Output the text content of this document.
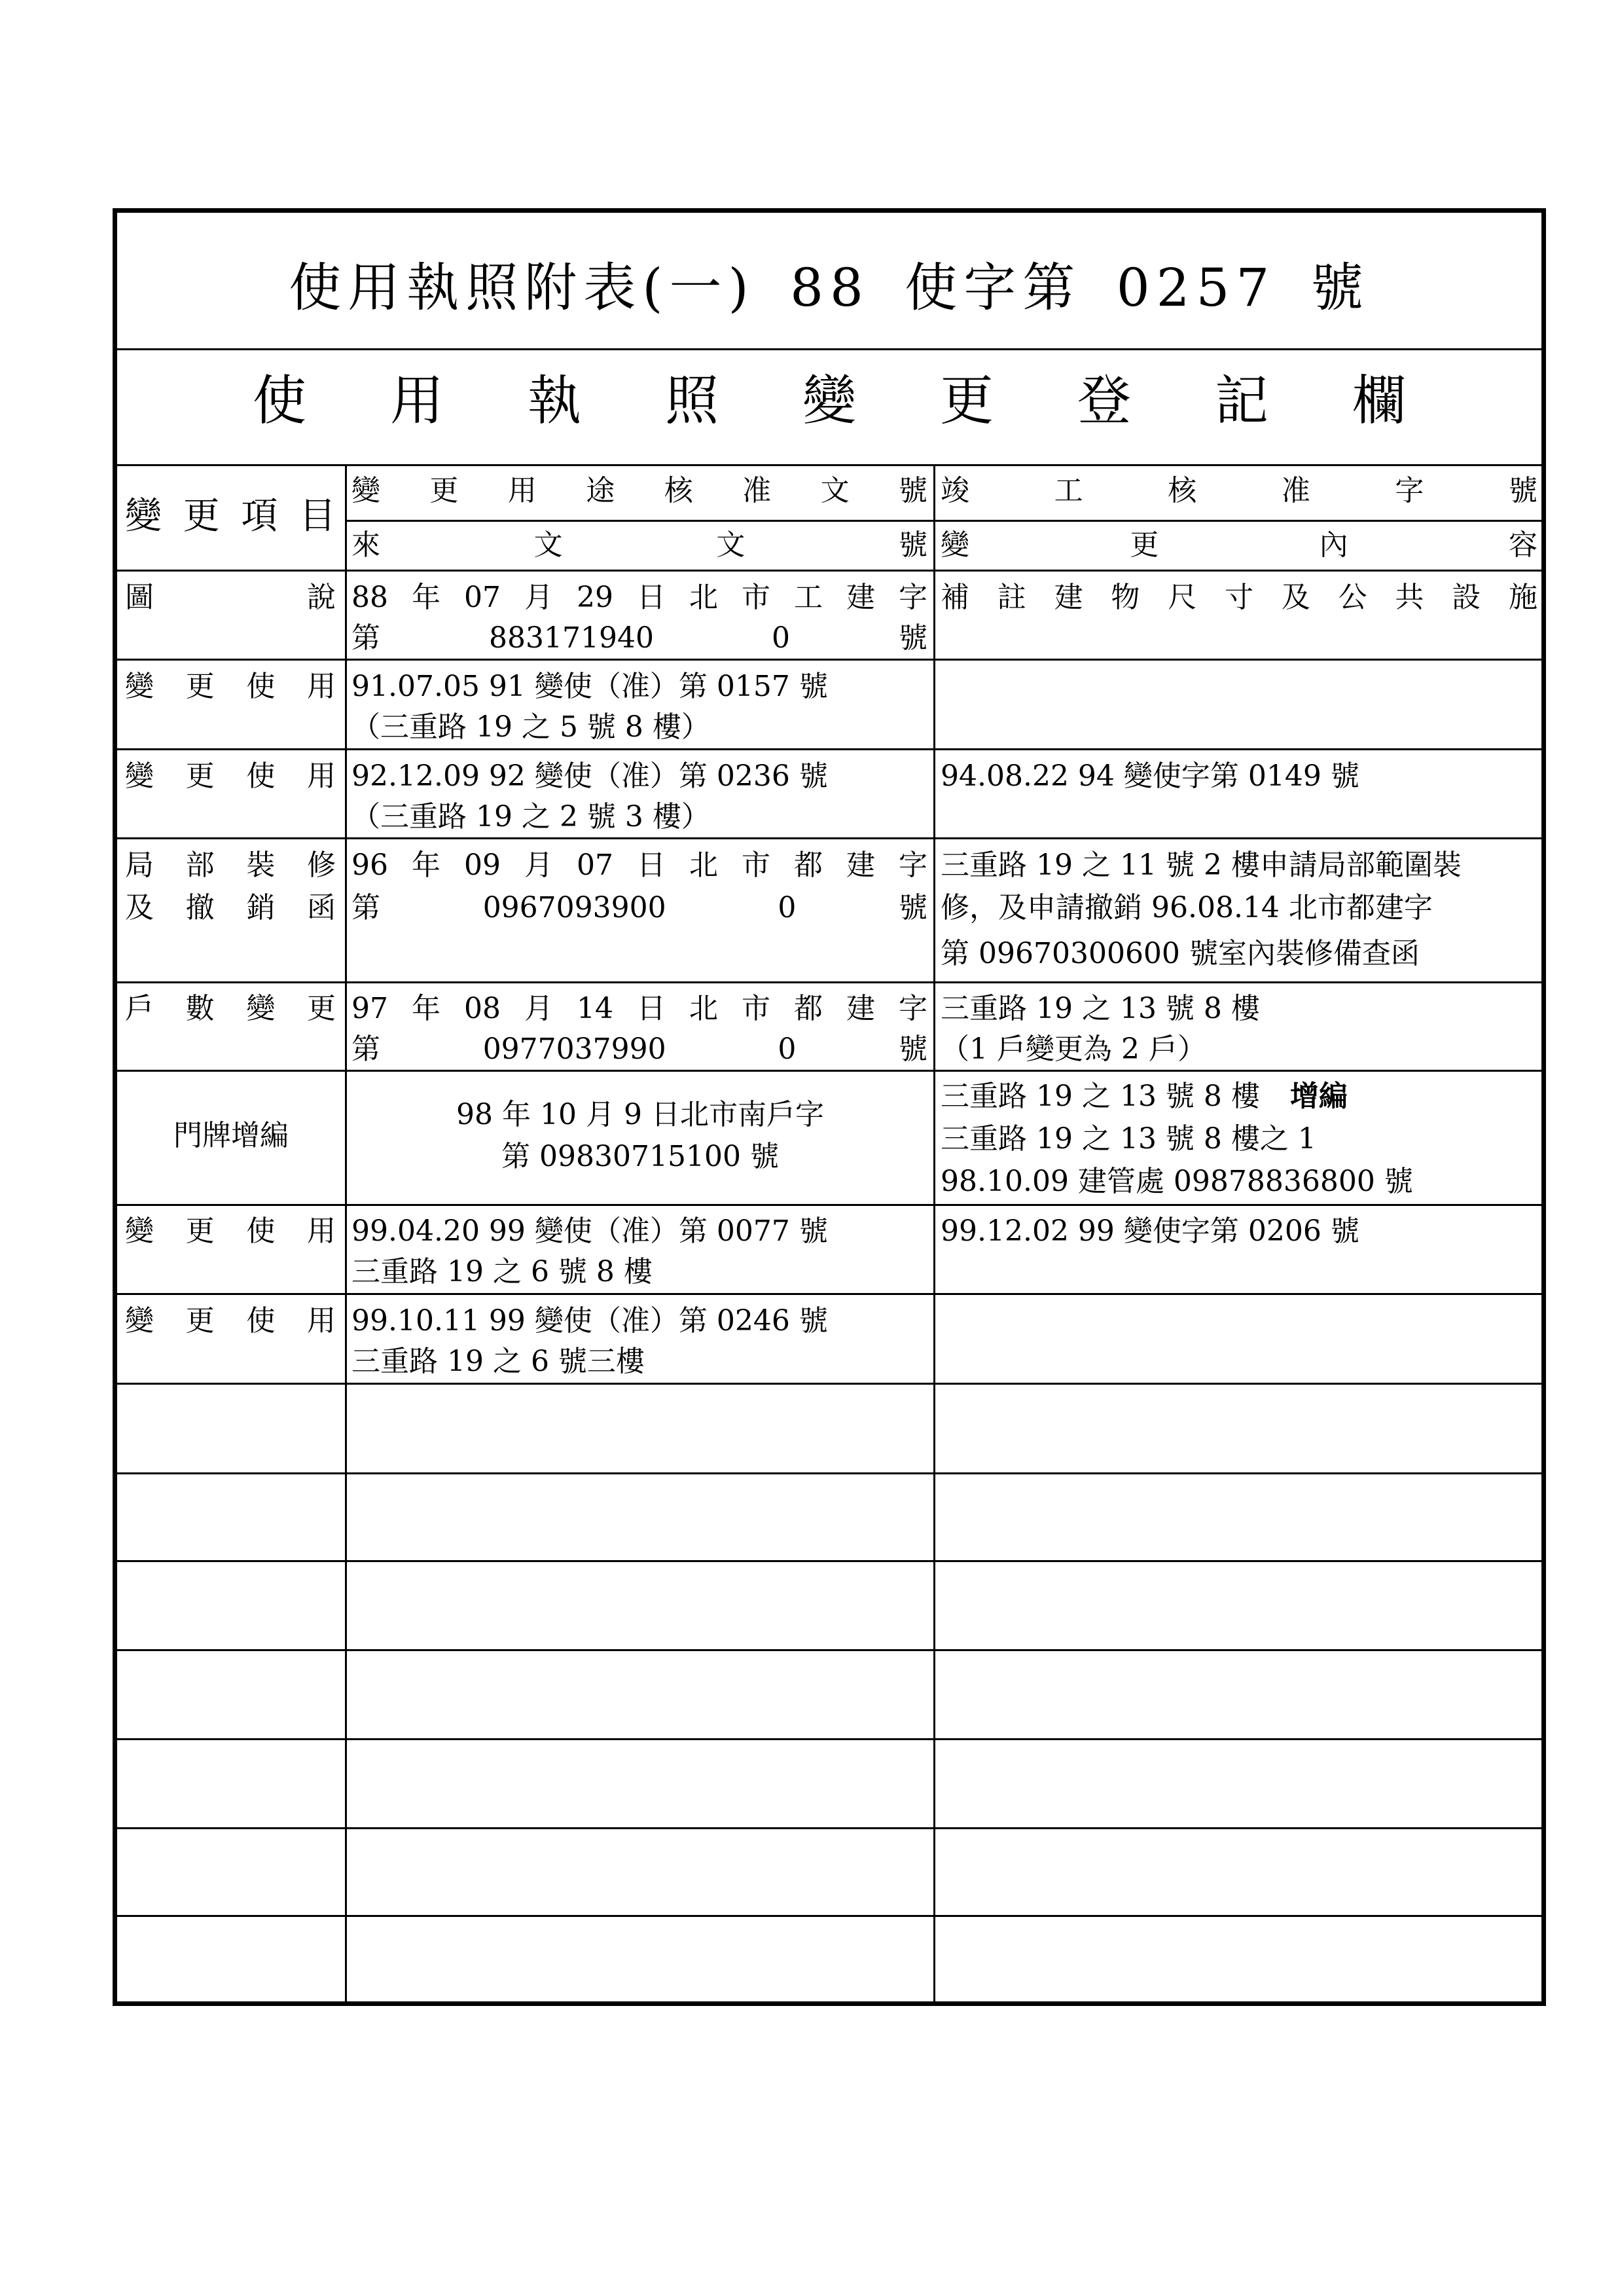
使用執照附表(一) 88 使字第 0257 號
使用執照變更登記欄
變更項目
變更用途核准文號 竣工核准字號
來文文號 變更內容
圖說 88年07月29日北市工建字
第883171940 0號
補註建物尺寸及公共設施
變更使用 91.07.05 91 變使（准）第 0157 號
（三重路 19 之 5 號 8 樓）
變更使用 92.12.09 92 變使（准）第 0236 號
（三重路 19 之 2 號 3 樓）
94.08.22 94 變使字第 0149 號
局部裝修
及撤銷函
96年09月07日北市都建字
第0967093900 0號
三重路 19 之 11 號 2 樓申請局部範圍裝
修，及申請撤銷 96.08.14 北市都建字
第 09670300600 號室內裝修備查函
戶數變更 97年08月14日北市都建字
第0977037990 0號
三重路 19 之 13 號 8 樓
（1 戶變更為 2 戶）
門牌增編
98 年 10 月 9 日北市南戶字
第 09830715100 號
三重路 19 之 13 號 8 樓 增編
三重路 19 之 13 號 8 樓之 1
98.10.09 建管處 09878836800 號
變更使用 99.04.20 99 變使（准）第 0077 號
三重路 19 之 6 號 8 樓
99.12.02 99 變使字第 0206 號
變更使用 99.10.11 99 變使（准）第 0246 號
三重路 19 之 6 號三樓
